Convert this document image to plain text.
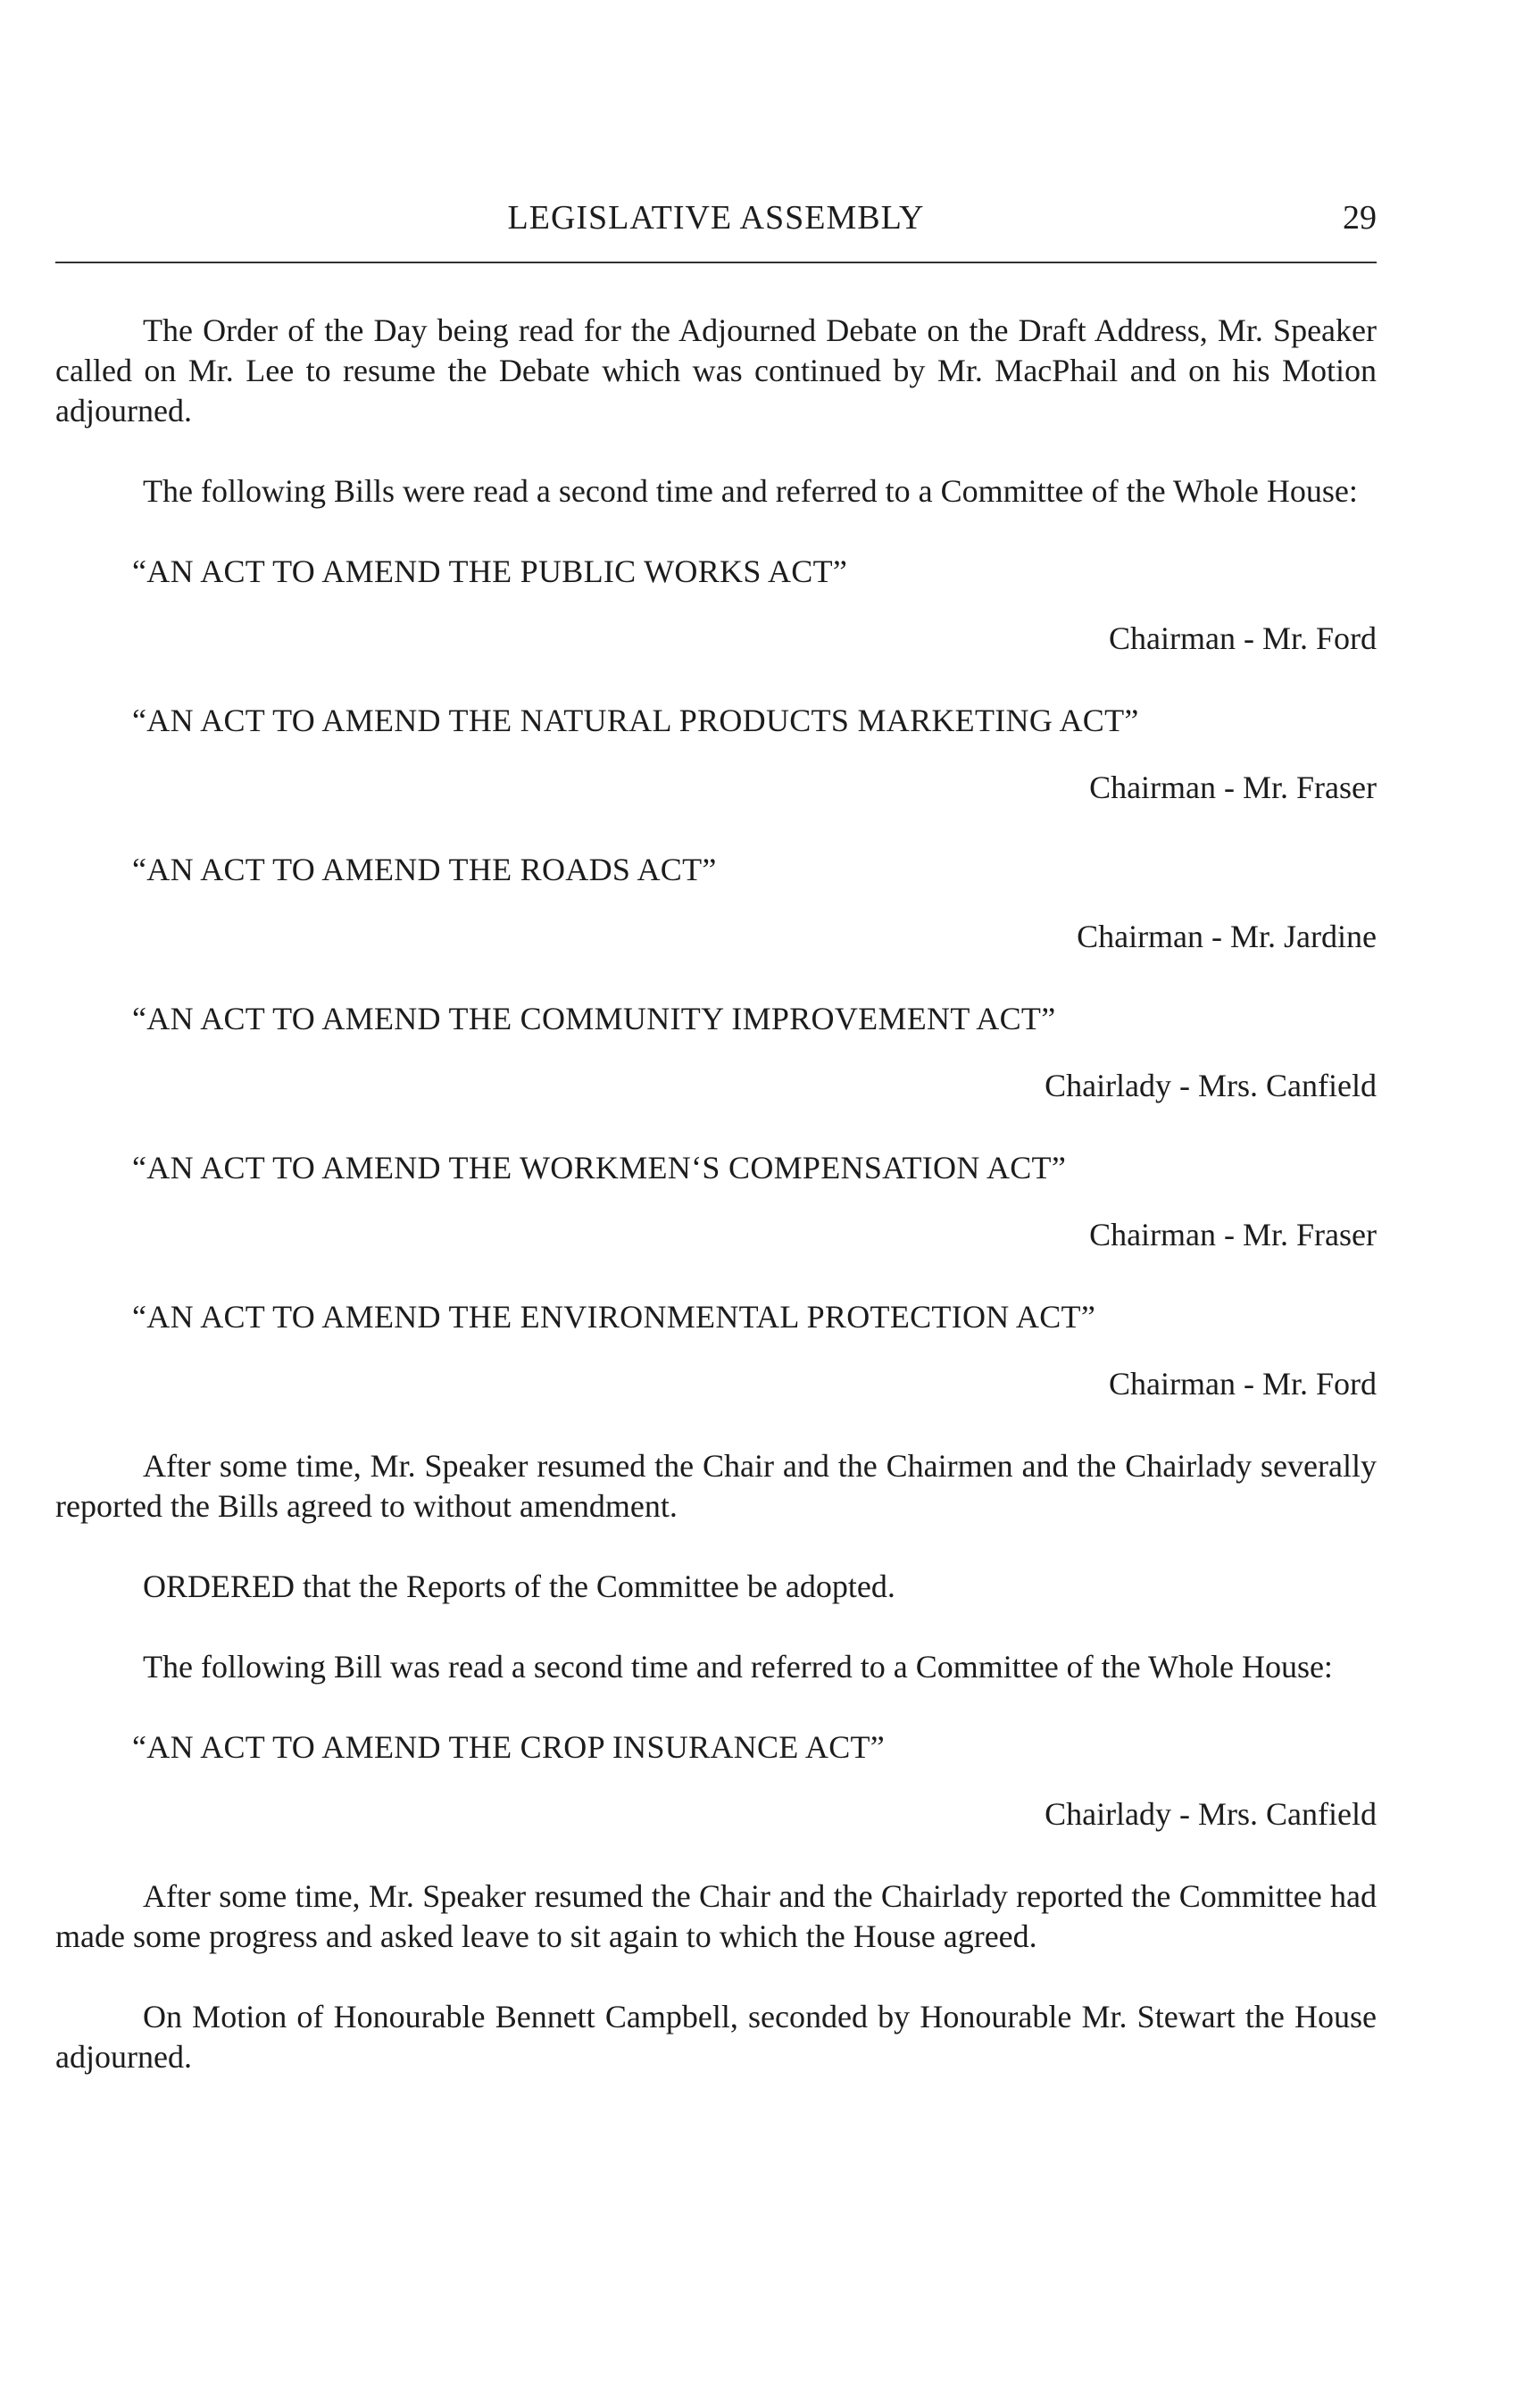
LEGISLATIVE ASSEMBLY	29

The Order of the Day being read for the Adjourned Debate on the Draft Address, Mr. Speaker called on Mr. Lee to resume the Debate which was continued by Mr. MacPhail and on his Motion adjourned.

The following Bills were read a second time and referred to a Committee of the Whole House:

“AN ACT TO AMEND THE PUBLIC WORKS ACT”

Chairman - Mr. Ford

“AN ACT TO AMEND THE NATURAL PRODUCTS MARKETING ACT”

Chairman - Mr. Fraser

“AN ACT TO AMEND THE ROADS ACT”

Chairman - Mr. Jardine

“AN ACT TO AMEND THE COMMUNITY IMPROVEMENT ACT”

Chairlady - Mrs. Canfield

“AN ACT TO AMEND THE WORKMEN‘S COMPENSATION ACT”

Chairman - Mr. Fraser

“AN ACT TO AMEND THE ENVIRONMENTAL PROTECTION ACT”

Chairman - Mr. Ford

After some time, Mr. Speaker resumed the Chair and the Chairmen and the Chairlady severally reported the Bills agreed to without amendment.

ORDERED that the Reports of the Committee be adopted.

The following Bill was read a second time and referred to a Committee of the Whole House:

“AN ACT TO AMEND THE CROP INSURANCE ACT”

Chairlady - Mrs. Canfield

After some time, Mr. Speaker resumed the Chair and the Chairlady reported the Committee had made some progress and asked leave to sit again to which the House agreed.

On Motion of Honourable Bennett Campbell, seconded by Honourable Mr. Stewart the House adjourned.
